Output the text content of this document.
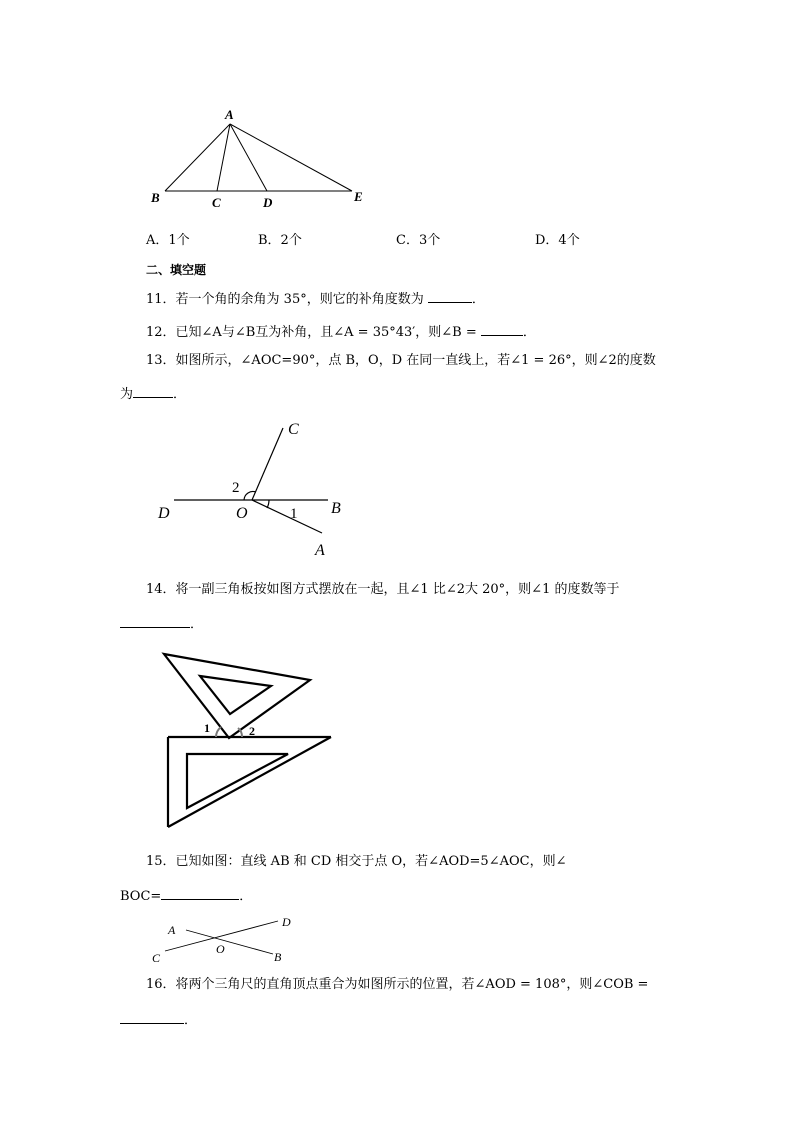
A
B	C	D	E
A．1个	B．2个	C．3个	D．4个
二、填空题
11．若一个角的余角为 35°，则它的补角度数为	．
12．已知∠A与∠B互为补角，且∠A = 35°43′，则∠B =	．
13．如图所示，∠AOC=90°，点 B，O，D 在同一直线上，若∠1 = 26°，则∠2的度数
为	．
C
D	O	B
A
1
2
14．将一副三角板按如图方式摆放在一起，且∠1 比∠2大 20°，则∠1 的度数等于
．
1	2
15．已知如图：直线 AB 和 CD 相交于点 O，若∠AOD=5∠AOC，则∠
BOC=	．
A
D
O
C	B
16．将两个三角尺的直角顶点重合为如图所示的位置，若∠AOD = 108°，则∠COB =
．
